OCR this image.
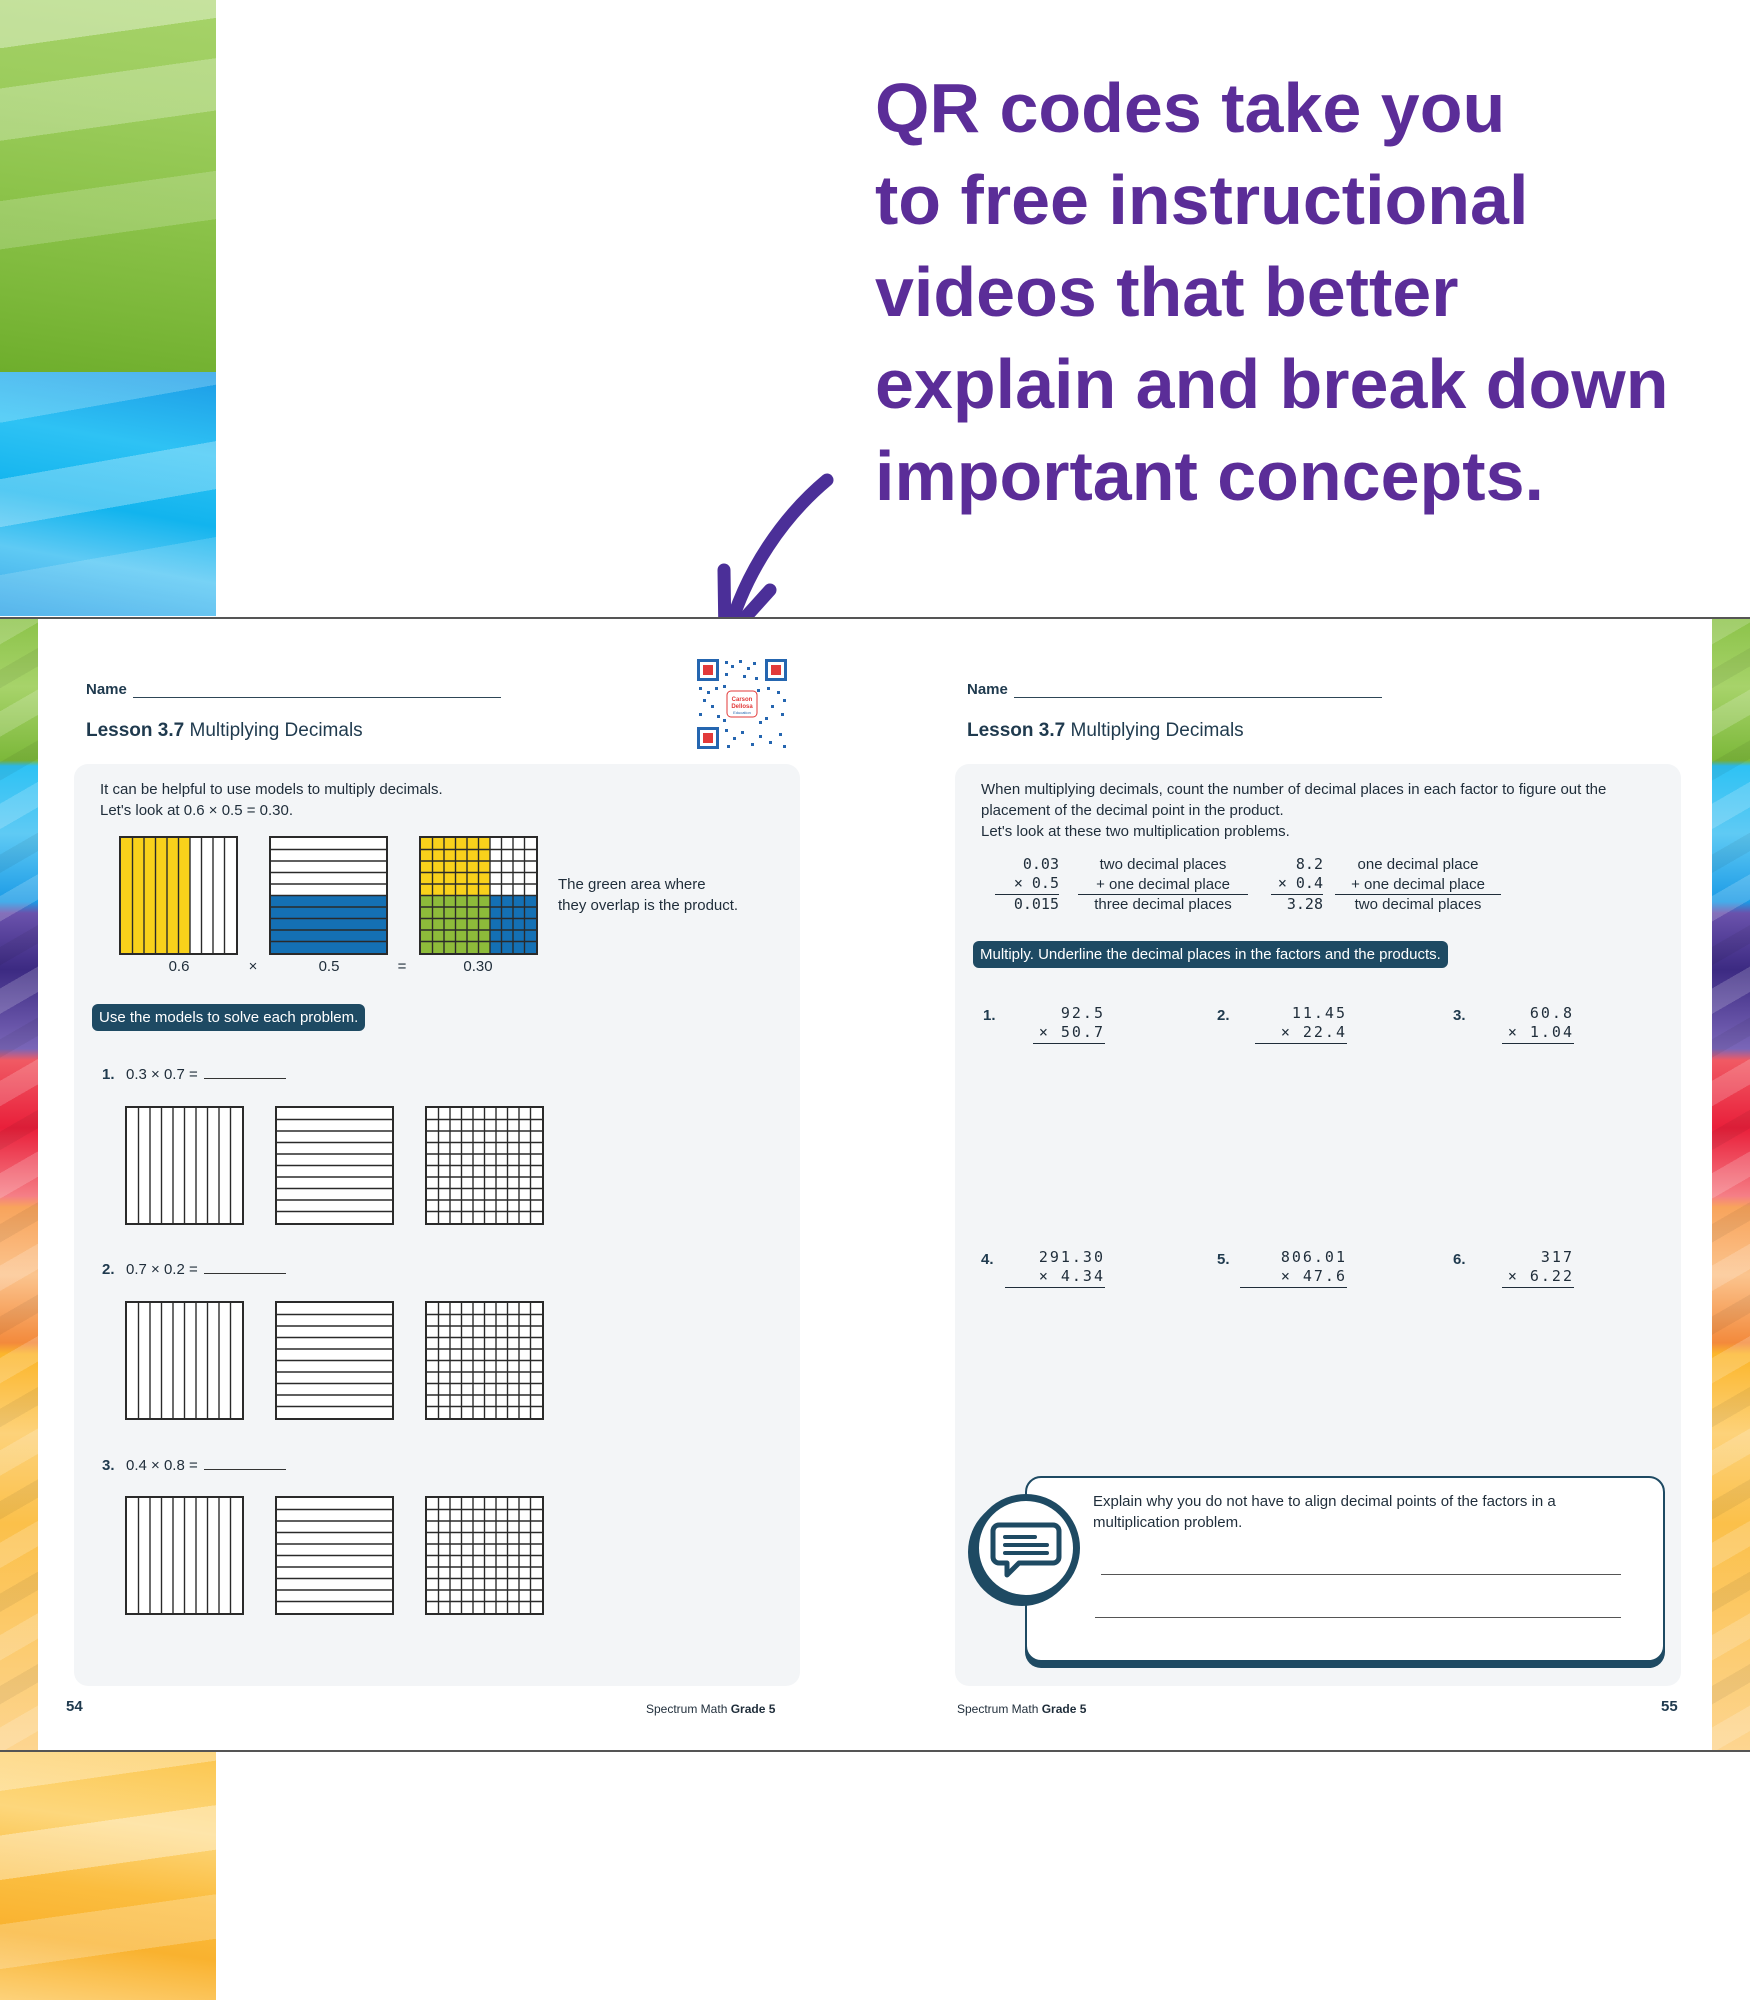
QR codes take you
to free instructional
videos that better
explain and break down
important concepts.
Name
Lesson 3.7 Multiplying Decimals
Carson
Dellosa
Education
It can be helpful to use models to multiply decimals.
Let's look at 0.6 × 0.5 = 0.30.
0.6	×	0.5	=	0.30
The green area where
they overlap is the product.
Use the models to solve each problem.
1. 0.3 × 0.7 =
2. 0.7 × 0.2 =
3. 0.4 × 0.8 =
54	Spectrum Math Grade 5
Name
Lesson 3.7 Multiplying Decimals
When multiplying decimals, count the number of decimal places in each factor to figure out the
placement of the decimal point in the product.
Let's look at these two multiplication problems.
0.03
× 0.5
0.015
two decimal places
+ one decimal place
three decimal places
8.2
× 0.4
3.28
one decimal place
+ one decimal place
two decimal places
Multiply. Underline the decimal places in the factors and the products.
1.	92.5
× 50.7
2.	11.45
× 22.4
3.	60.8
× 1.04
4.	291.30
× 4.34
5.	806.01
× 47.6
6.	317
× 6.22
Explain why you do not have to align decimal points of the factors in a
multiplication problem.
Spectrum Math Grade 5	55
